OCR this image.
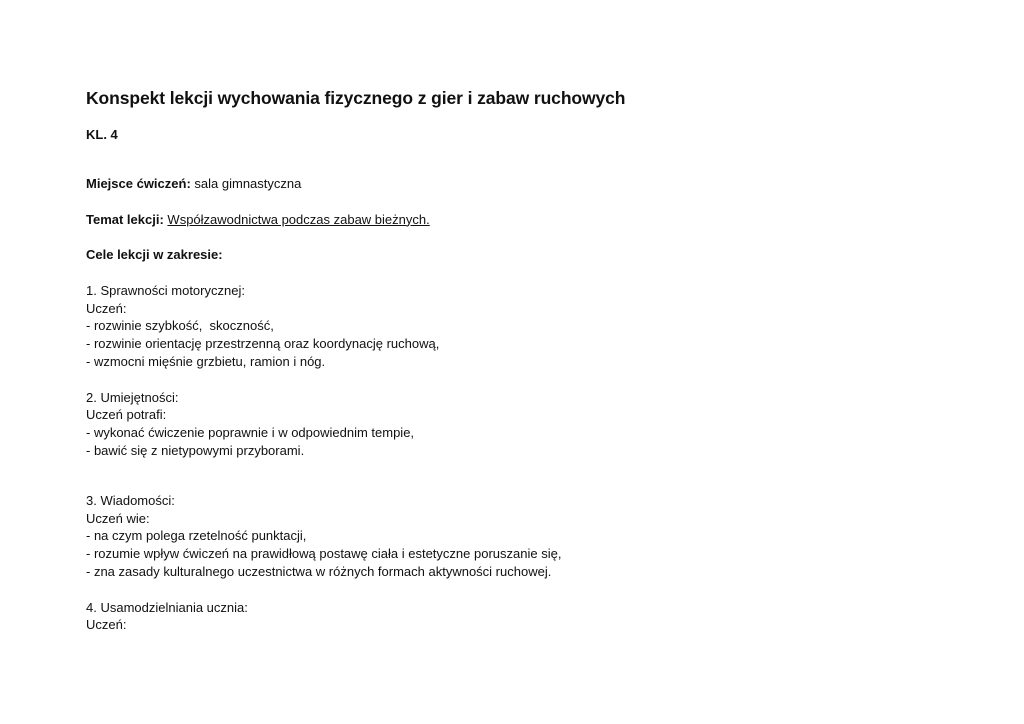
Konspekt lekcji wychowania fizycznego z gier i zabaw ruchowych
KL. 4
Miejsce ćwiczeń: sala gimnastyczna
Temat lekcji: Współzawodnictwa podczas zabaw bieżnych.
Cele lekcji w zakresie:
1. Sprawności motorycznej:
Uczeń:
- rozwinie szybkość,  skoczność,
- rozwinie orientację przestrzenną oraz koordynację ruchową,
- wzmocni mięśnie grzbietu, ramion i nóg.
2. Umiejętności:
Uczeń potrafi:
- wykonać ćwiczenie poprawnie i w odpowiednim tempie,
- bawić się z nietypowymi przyborami.
3. Wiadomości:
Uczeń wie:
- na czym polega rzetelność punktacji,
- rozumie wpływ ćwiczeń na prawidłową postawę ciała i estetyczne poruszanie się,
- zna zasady kulturalnego uczestnictwa w różnych formach aktywności ruchowej.
4. Usamodzielniania ucznia:
Uczeń:
